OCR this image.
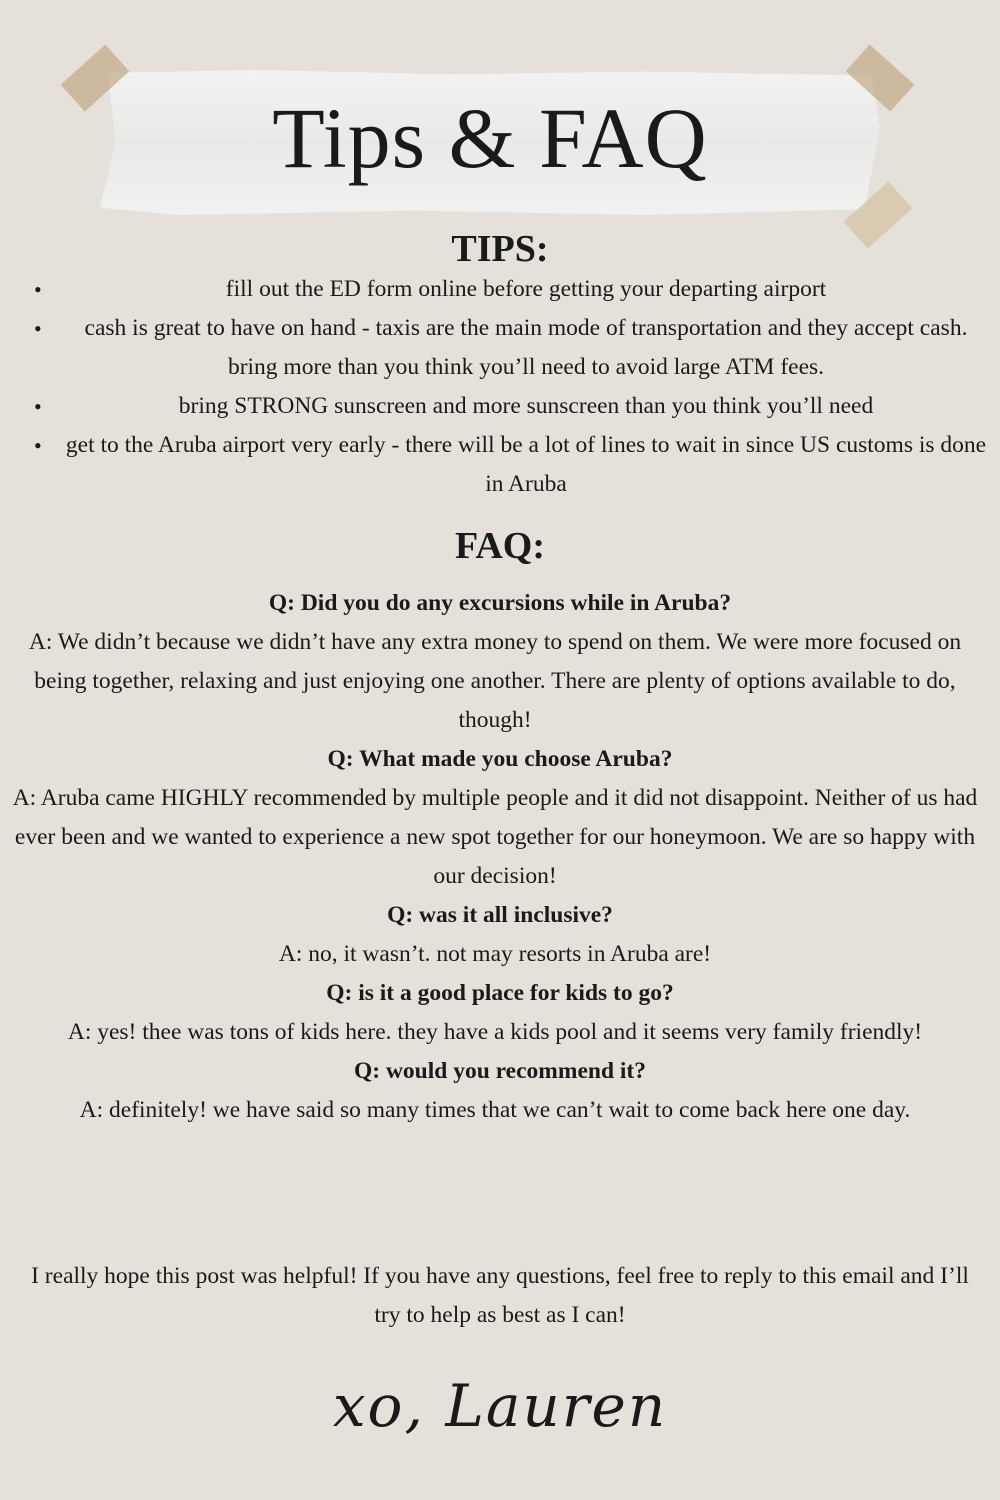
Tips & FAQ
TIPS:
•	fill out the ED form online before getting your departing airport
• cash is great to have on hand - taxis are the main mode of transportation and they accept cash. bring more than you think you’ll need to avoid large ATM fees.
•	bring STRONG sunscreen and more sunscreen than you think you’ll need
• get to the Aruba airport very early - there will be a lot of lines to wait in since US customs is done in Aruba
FAQ:
Q: Did you do any excursions while in Aruba?
A: We didn’t because we didn’t have any extra money to spend on them. We were more focused on being together, relaxing and just enjoying one another. There are plenty of options available to do, though!
Q: What made you choose Aruba?
A: Aruba came HIGHLY recommended by multiple people and it did not disappoint. Neither of us had ever been and we wanted to experience a new spot together for our honeymoon. We are so happy with our decision!
Q: was it all inclusive?
A: no, it wasn’t. not may resorts in Aruba are!
Q: is it a good place for kids to go?
A: yes! thee was tons of kids here. they have a kids pool and it seems very family friendly!
Q: would you recommend it?
A: definitely! we have said so many times that we can’t wait to come back here one day.
I really hope this post was helpful! If you have any questions, feel free to reply to this email and I’ll try to help as best as I can!
xo, Lauren
